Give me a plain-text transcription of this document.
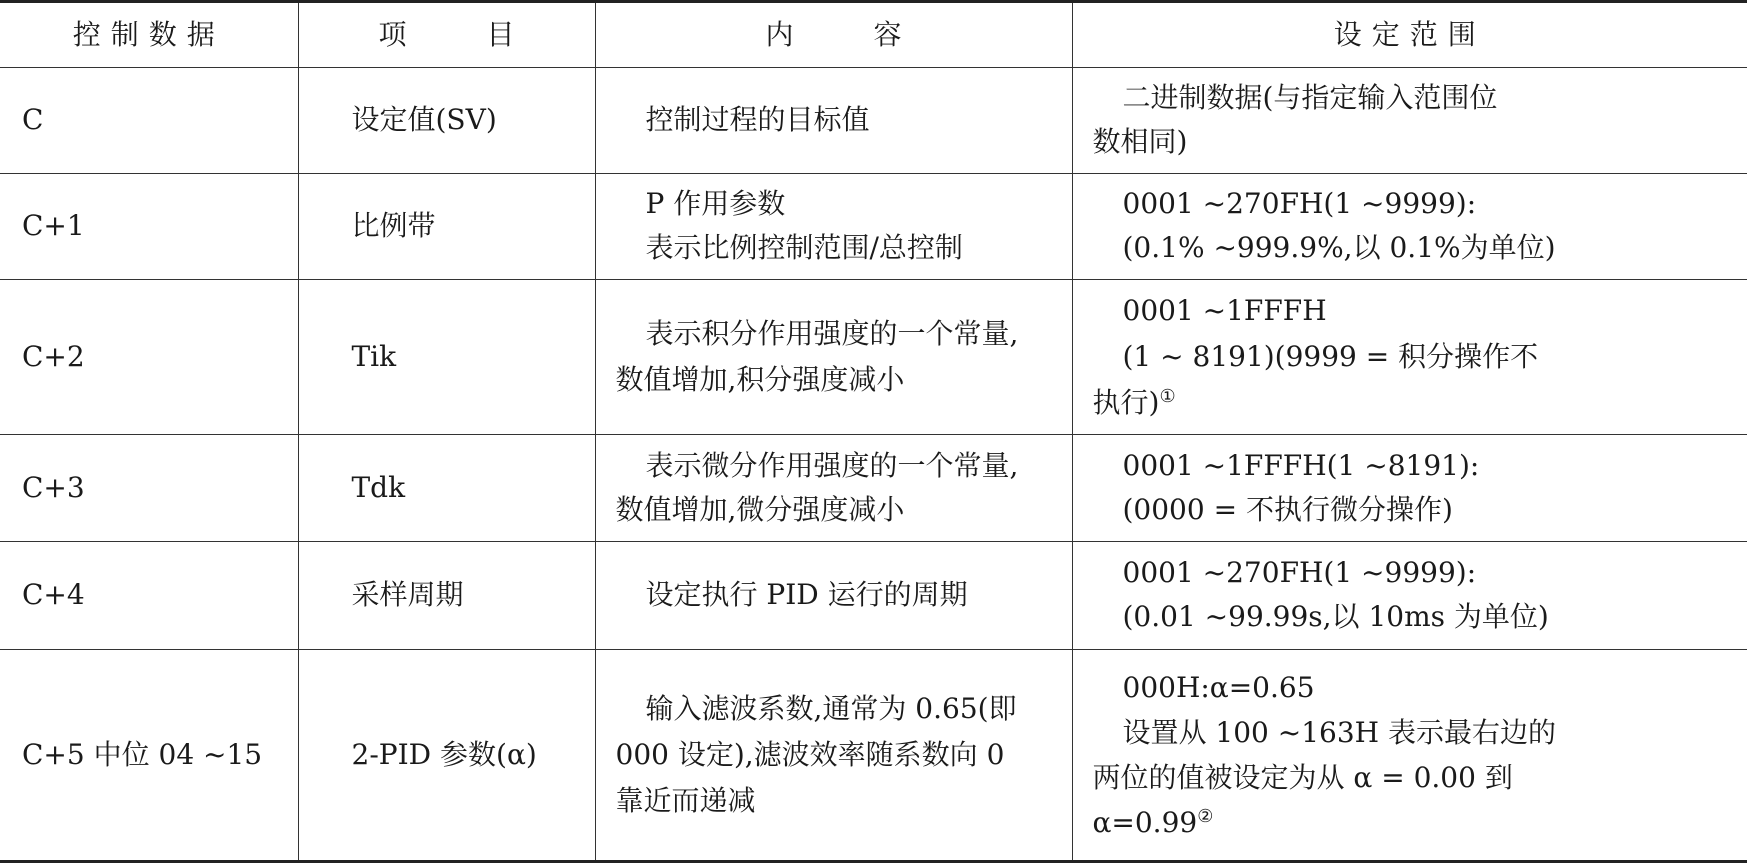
控制数据	项目	内容	设定范围
C	设定值(SV)	控制过程的目标值	二进制数据(与指定输入范围位
数相同)

C+1	比例带	P 作用参数
表示比例控制范围/总控制	0001 ~270FH(1 ~9999):
(0.1% ~999.9%,以 0.1%为单位)

C+2	Tik	表示积分作用强度的一个常量,
数值增加,积分强度减小	0001 ~1FFFH
(1 ~ 8191)(9999 = 积分操作不
执行)①

C+3	Tdk	表示微分作用强度的一个常量,
数值增加,微分强度减小	0001 ~1FFFH(1 ~8191):
(0000 = 不执行微分操作)

C+4	采样周期	设定执行 PID 运行的周期	0001 ~270FH(1 ~9999):
(0.01 ~99.99s,以 10ms 为单位)

C+5 中位 04 ~15	2-PID 参数(α)	输入滤波系数,通常为 0.65(即
000 设定),滤波效率随系数向 0
靠近而递减	000H:α=0.65
设置从 100 ~163H 表示最右边的
两位的值被设定为从 α = 0.00 到
α=0.99②
